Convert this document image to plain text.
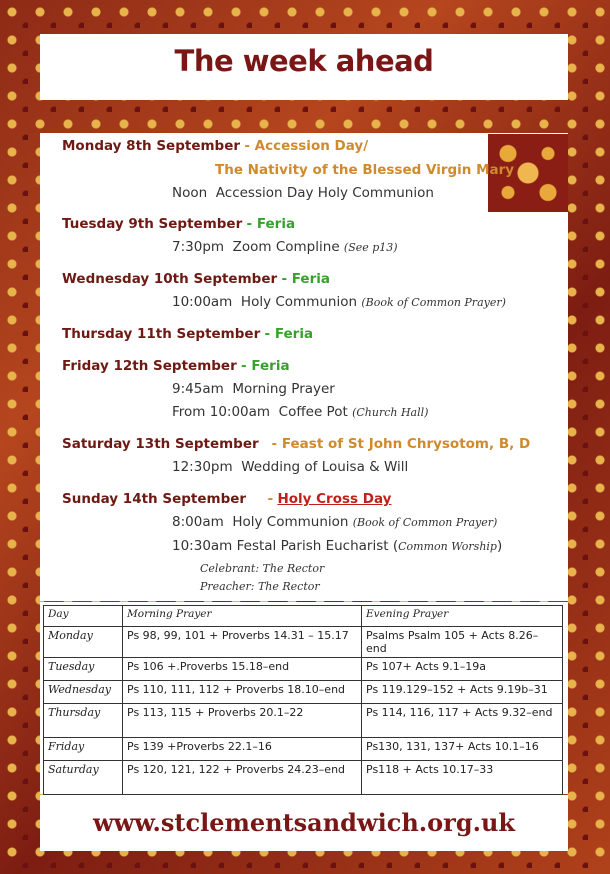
The week ahead
Monday 8th September - Accession Day/
The Nativity of the Blessed Virgin Mary
Noon Accession Day Holy Communion
Tuesday 9th September - Feria
7:30pm Zoom Compline (See p13)
Wednesday 10th September - Feria
10:00am Holy Communion (Book of Common Prayer)
Thursday 11th September - Feria
Friday 12th September - Feria
9:45am Morning Prayer
From 10:00am Coffee Pot (Church Hall)
Saturday 13th September - Feast of St John Chrysotom, B, D
12:30pm Wedding of Louisa & Will
Sunday 14th September - Holy Cross Day
8:00am Holy Communion (Book of Common Prayer)
10:30am Festal Parish Eucharist (Common Worship)
Celebrant: The Rector
Preacher: The Rector
Day	Morning Prayer	Evening Prayer
Monday	Ps 98, 99, 101 + Proverbs 14.31 – 15.17	Psalms Psalm 105 + Acts 8.26–end
Tuesday	Ps 106 +.Proverbs 15.18–end	Ps 107+ Acts 9.1–19a
Wednesday	Ps 110, 111, 112 + Proverbs 18.10–end	Ps 119.129–152 + Acts 9.19b–31
Thursday	Ps 113, 115 + Proverbs 20.1–22	Ps 114, 116, 117 + Acts 9.32–end
Friday	Ps 139 +Proverbs 22.1–16	Ps130, 131, 137+ Acts 10.1–16
Saturday	Ps 120, 121, 122 + Proverbs 24.23–end	Ps118 + Acts 10.17–33
www.stclementsandwich.org.uk
